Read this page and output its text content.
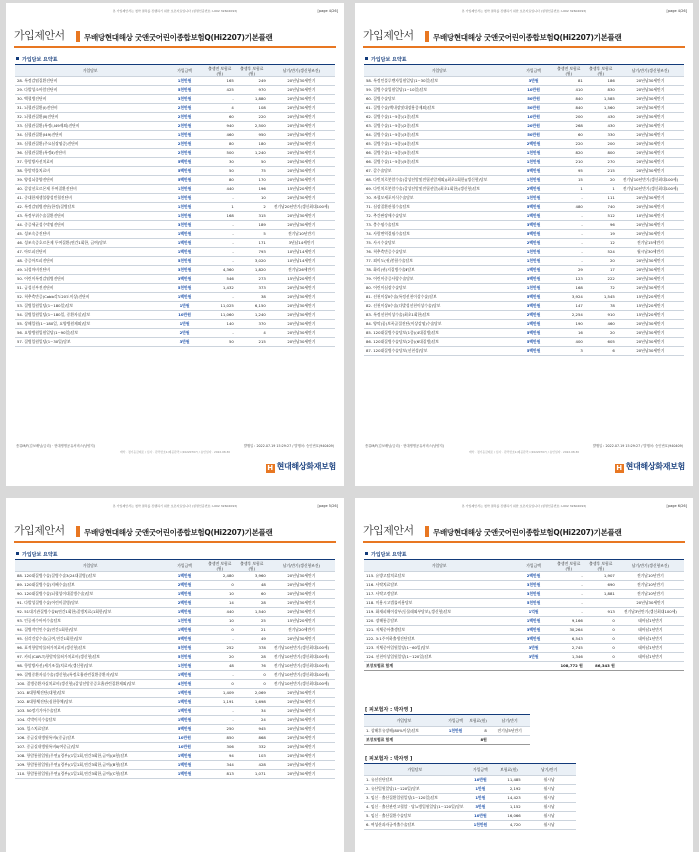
본 가입제안서는 청약 절차를 진행하기 위한 보조자료입니다 (설명인증번호: L002 32602093)	[page 4/26]
가입제안서	무배당현대해상 굿앤굿어린이종합보험Q(Hi2207)기본플랜
가입담보 요약표
가입담보	가입금액	출생전 보험료(원)	출생후 보험료(원)	납기/만기(갱신형조건)
28. 특정감염질환진단비	1천만원	165	249	20년납30세만기
29. 다발성소아암진단비	5천만원	425	970	20년납30세만기
30. 백혈병진단비	3천만원	-	1,880	20년납30세만기
31. 뇌혈관질환(Ⅰ)진단비	2천만원	4	108	20년납30세만기
32. 뇌혈관질환(Ⅱ)진단비	2천만원	60	220	20년납30세만기
33. 심혈관질환(특정Ⅰ,I49제외)진단비	2천만원	940	2,500	20년납30세만기
34. 심혈관질환(I49)진단비	1천만원	460	950	20년납30세만기
35. 심혈관질환(주요심장염증)진단비	2천만원	80	180	20년납30세만기
36. 심혈관질환(특정Ⅱ)진단비	2천만원	500	1,240	20년납30세만기
37. 항암방사선치료비	5백만원	30	50	20년납30세만기
38. 항암약물치료비	5백만원	50	75	20년납30세만기
39. 양성뇌종양진단비	5백만원	80	170	20년납30세만기
40. 갑상선호르몬제 투여질환진단비	1천만원	440	196	15년납20세만기
41. 중대한재생불량성빈혈진단비	1천만원	-	10	20년납30세만기
42. 특정감염병진단(한정)질병담보	1천만원	1	2	전기납20년만기(갱신최대100세)
43. 특정부위수술질환진단비	1천만원	168	315	20년납30세만기
44. 중증세균성수막염진단비	3천만원	-	189	20년납30세만기
45. 성조숙증진단비	1백만원	-	5	전기납10년만기
46. 성조숙증호르몬제 투여질환(연간1회한, 급여)담보	1백만원	-	171	3년납14세만기
47. 아토피진단비	1백만원	-	793	10년납14세만기
48. 중증아토피진단비	5천만원	-	3,020	10년납14세만기
49. 뇌성마비진단비	3천만원	4,360	1,820	전기납26세만기
50. 어린이특정감염병진단비	3백만원	546	273	15년납20세만기
51. 급성신부전진단비	5천만원	1,432	373	20년납30세만기
52. 척추측만증(Cobb각도20도이상)진단비	1백만원	-	38	20년납30세만기
53. 질병입원일당(1~180일)담보	1만원	11,025	6,150	20년납30세만기
54. 질병입원일당(1~180일, 중환자실)담보	10만원	11,060	1,240	20년납30세만기
55. 상해입원(1~180일, 요양병원제외)담보	1만원	140	370	20년납30세만기
56. 요양병원입원일당(1~90일)담보	2만원	-	4	20년납30세만기
57. 질병입원일당(1~30일)담보	3만원	50	215	20년납30세만기
종류M/F(김보배님/금리) · 현대생명공유서비스(남양지)	발행일 : 2022.07.19 15:29:27 / 발행처: 승인번호(940409)
계약 · 정기등급제로 / 심사 · 관리번호1(제공관리) (20220707) / 승인일자 · 2022.08.30
H 현대해상화재보험
본 가입제안서는 청약 절차를 진행하기 위한 보조자료입니다 (설명인증번호: L002 32602093)	[page 4/26]
가입제안서	무배당현대해상 굿앤굿어린이종합보험Q(Hi2207)기본플랜
가입담보 요약표
가입담보	가입금액	출생전 보험료(원)	출생후 보험료(원)	납기/만기(갱신형조건)
58. 특정인플루엔자입원일당(1~30일)담보	3만원	81	186	20년납30세만기
59. 질병수술입원일당(1~10일)담보	10만원	410	830	20년납30세만기
60. 질병수술담보	50만원	840	1,585	20년납30세만기
61. 질병수술(백내장및대장용종제외)담보	50만원	840	1,560	20년납30세만기
62. 질병수술(1~5종)(1종)담보	10만원	200	430	20년납30세만기
63. 질병수술(1~5종)(2종)담보	20만원	268	430	20년납30세만기
64. 질병수술(1~5종)(3종)담보	50만원	60	330	20년납30세만기
65. 질병수술(1~5종)(4종)담보	2백만원	220	200	20년납30세만기
66. 질병수술(1~5종)(5종)담보	1천만원	820	800	20년납30세만기
66. 질병수술(1~5종)(5종)담보	1천만원	210	270	20년납30세만기
67. 갑수술담보	5백만원	95	215	20년납30세만기
68. 다빈치로봇암수술(갑상선암및전립선암제외)(최초1회한)(갱신형)담보	1천만원	15	20	전기납10년만기(갱신최대100세)
69. 다빈치로봇암수술(갑상선암및전립선암)(최초1회한)(갱신형)담보	2백만원	1	1	전기납10년만기(갱신최대100세)
70. 조혈모세포이식수술담보	1천만원	-	111	20년납30세만기
71. 심장질환관혈수술담보	5백만원	480	740	20년납30세만기
72. 추간판장애수술담보	1백만원	-	512	10년납30세만기
73. 충수염수술담보	3백만원	-	96	20년납30세만기
74. 사람면역결핍수술담보	5백만원	-	19	20년납30세만기
75. 사시수술담보	2백만원	-	12	전기납15세만기
76. 척추측만증수술담보	1천만원	-	524	월시납30세만기
77. 외이도(귀)봉합수술담보	1천만원	-	20	20년납30세만기
78. 화리(귀)지질병수술Ⅱ담보	1백만원	29	17	20년납30세만기
79. 어린이중증사랑수술담보	5백만원	123	222	20년납30세만기
80. 어린이심장수술담보	1천만원	168	72	20년납30세만기
81. 선천이상Ⅱ수술(특정선천이상수술)담보	5백만원	3,924	1,545	15년납20세만기
82. 선천이상Ⅱ수술(다발성선천이상수술)담보	3백만원	147	78	15년납20세만기
83. 특정선천이상수술(최초1회한)담보	2백만원	2,254	910	15년납20세만기
84. 양악(꿈)보폭골절진단(이상감염)수술담보	1백만원	190	460	20년납30세만기
85. 120대질병수술담보(1종)(4대질병)담보	5백만원	16	20	20년납30세만기
86. 120대질병수술담보(2종)(6대질병)담보	5백만원	400	605	20년납30세만기
87. 120대질병수술담보(선천성)담보	5백만원	3	6	20년납30세만기
종류M/F(김보배님/금리) · 현대생명공유서비스(남양지)	발행일 : 2022.07.19 15:29:27 / 발행처: 승인번호(940409)
계약 · 정기등급제로 / 심사 · 관리번호1(제공관리) (20220707) / 승인일자 · 2022.08.30
H 현대해상화재보험
본 가입제안서는 청약 절차를 진행하기 위한 보조자료입니다 (설명인증번호: L002 32602093)	[page 5/26]
가입제안서	무배당현대해상 굿앤굿어린이종합보험Q(Hi2207)기본플랜
가입담보 요약표
가입담보	가입금액	출생전 보험료(원)	출생후 보험료(원)	납기/만기(갱신형조건)
88. 120대질병수술(질병수술3(24대질병))담보	1백만원	2,480	3,960	20년납30세만기
89. 120대질병수술(지혜수술)담보	2백만원	0	48	20년납30세만기
90. 120대질병수술(뇌혈성이대질병수술)담보	1백만원	10	60	20년납30세만기
91. 다발성질병수술(어린이질병)담보	2백만원	14	28	20년납30세만기
92. 51대기관질병수술Ⅱ(연간1회한)질병치료(1회한)담보	1백만원	440	1,540	20년납30세만기
93. 인공귀수아이수술담보	1천만원	10	25	15년납20세만기
94. 질병작인인수술(연간1회한)담보	1백만원	0	21	전기납20세만기
95. 심각건강수술(급여,연간1회한)담보	5백만원	-	49	20년납30세만기
96. 표적항암약물허가치료비(갱신형)담보	5천만원	252	378	전기납10년만기(갱신최대100세)
97. 카티(CAR-T)항암약물허가치료비(갱신형)담보	5천만원	20	28	전기납10년만기(갱신최대100세)
98. 항암방사선(세기조절)치료비(갱신형)담보	1천만원	48	76	전기납10년만기(갱신최대100세)
99. 질병중환자실수술(갱신형)(특정호흡관련질환중환자)담보	1백만원	-	0	전기납10년만기(갱신최대100세)
100. 질병중환자실치료비(갱신형)(갑상선암중증호흡관련질환제외)담보	4천만원	0	0	전기납10년만기(갱신최대100세)
101. 8대항체진단(대형)담보	1백만원	1,409	2,069	20년납30세만기
102. 8대항체진단(심한항체)담보	1백만원	1,191	1,698	20년납30세만기
103. 50정기기아수술담보	1백만원	-	34	20년납30세만기
104. 각막이식수술담보	1백만원	-	24	20년납30세만기
105. 입스치료담보	5백만원	250	945	20년납30세만기
106. 중급실내병원특비Ⅰ(중급)담보	10만원	850	868	20년납30세만기
107. 중급실내병원특비Ⅱ(여중급)담보	10만원	306	332	20년납30세만기
108. 항암통합입원(무연)(경부)(1일1회,연간3회한,급여)(A형)담보	1백만원	94	103	20년납30세만기
109. 항암통합입원(무연)(경부)(1일1회,연간3회한,급여)(B형)담보	1백만원	344	428	20년납30세만기
110. 항암통합입원(무연)(경부)(1일1회,연간3회한,급여)(C형)담보	1백만원	813	1,071	20년납30세만기
본 가입제안서는 청약 절차를 진행하기 위한 보조자료입니다 (설명인증번호: L002 32602093)	[page 6/26]
가입제안서	무배당현대해상 굿앤굿어린이종합보험Q(Hi2207)기본플랜
가입담보 요약표
가입담보	가입금액	출생전 보험료(원)	출생후 보험료(원)	납기/만기(갱신형조건)
115. 유방고탈치료담보	2백만원	-	1,907	전기납10년만기
116. 사탁치료담보	3천만원	-	690	전기납10년만기
117. 사탁고정담보	3천만원	-	1,881	전기납10년만기
118. 미용시고법률비용담보	5천만원	-		20년납30세만기
119. 화재피해이상부(동물래외부담보),갱신형)담보	1억원	-	913	전기납3년만기(갱신최대100세)
120. 장해통증담보	1백만원	9,166	0	태아납1년만기
121. 저체중아출생담보	3백만원	30,264	0	태아납1년만기
122. 3:1주이하출생진단담보	3백만원	6,543	0	태아납1년만기
123. 저체중아입원일당(1~60일)담보	3만원	2,745	0	태아납1년만기
124. 선천이상입원일당(1~120일)담보	3만원	1,346	0	태아납1년만기
보장보험료 합계		108,772 원	86,343 원	
[ 피보험자 : 박자영 ]
가입담보	가입금액	보험료(원)	납기/만기
1. 상해후유장해(80%이상)담보	1천만원	8	전기납5년만기
보장보험료 합계		8원	
[ 피보험자 : 박자영 ]
가입담보	가입금액	보험료(원)	납기/만기
1. 유선진단담보	10만원	11,485	월시납
2. 유산입원일당(1~120일)담보	1만원	2,192	월시납
3. 임신 · 출산질환입원일당(1~120일)담보	1만원	14,423	월시납
4. 임신 · 출산관련고혈압 · 당뇨병입원일당(1~120일)담보	3만원	1,152	월시납
5. 임신 · 출산질환수술담보	10만원	16,066	월시납
6. 여성산과자궁적출수술담보	1천만원	4,720	월시납
